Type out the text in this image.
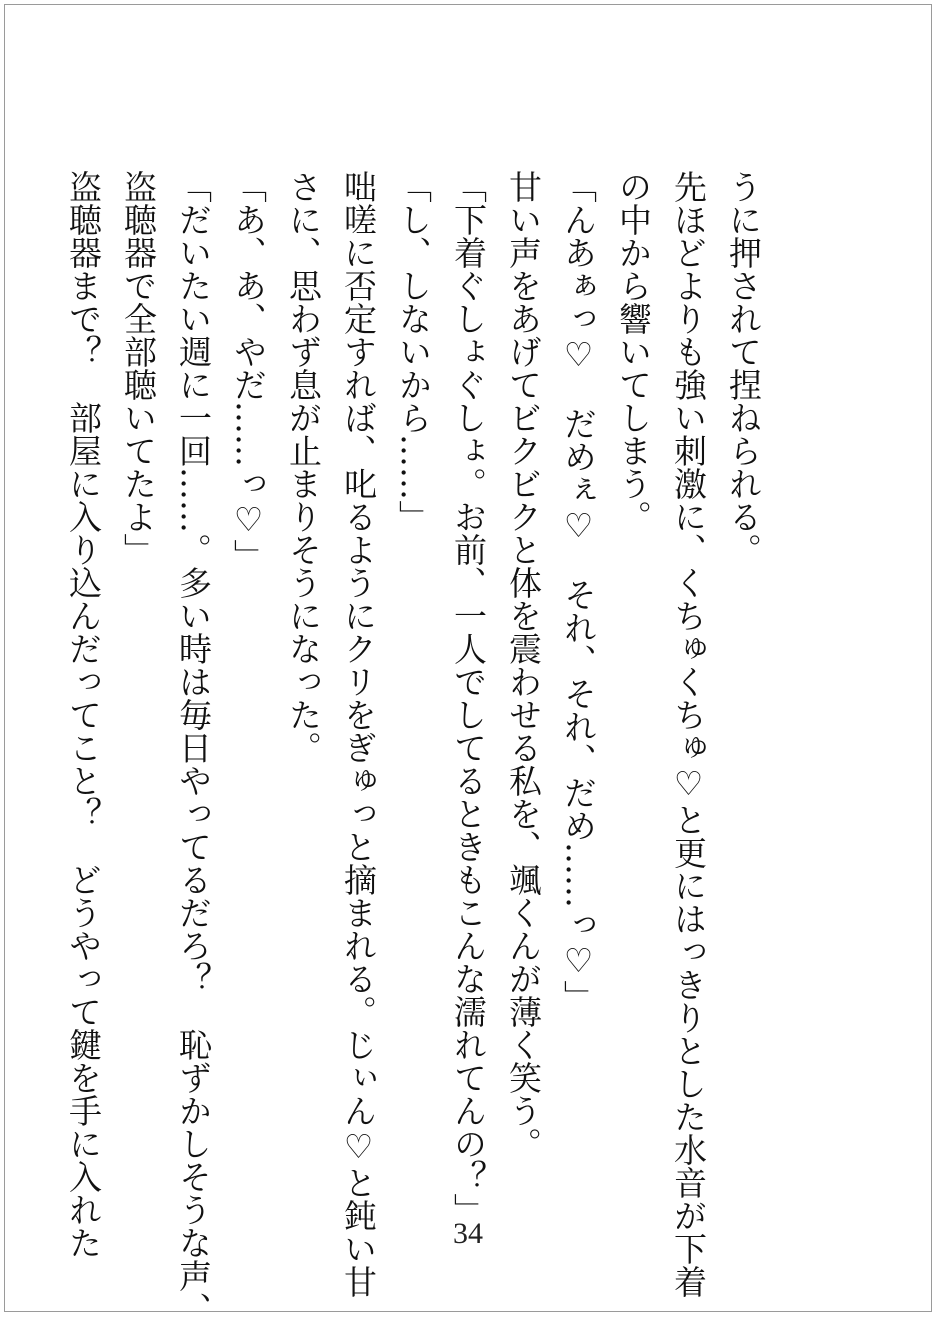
うに押されて捏ねられる。
先ほどよりも強い刺激に、くちゅくちゅ♡と更にはっきりとした水音が下着
の中から響いてしまう。
「んあぁっ♡　だめぇ♡　それ、それ、だめ……っ♡」
甘い声をあげてビクビクと体を震わせる私を、颯くんが薄く笑う。
「下着ぐしょぐしょ。お前、一人でしてるときもこんな濡れてんの？」
「し、しないから……」
咄嗟に否定すれば、叱るようにクリをぎゅっと摘まれる。じぃん♡と鈍い甘
さに、思わず息が止まりそうになった。
「あ、あ、やだ……っ♡」
「だいたい週に一回……。多い時は毎日やってるだろ？　恥ずかしそうな声、
盗聴器で全部聴いてたよ」
盗聴器まで？　部屋に入り込んだってこと？　どうやって鍵を手に入れた	34
